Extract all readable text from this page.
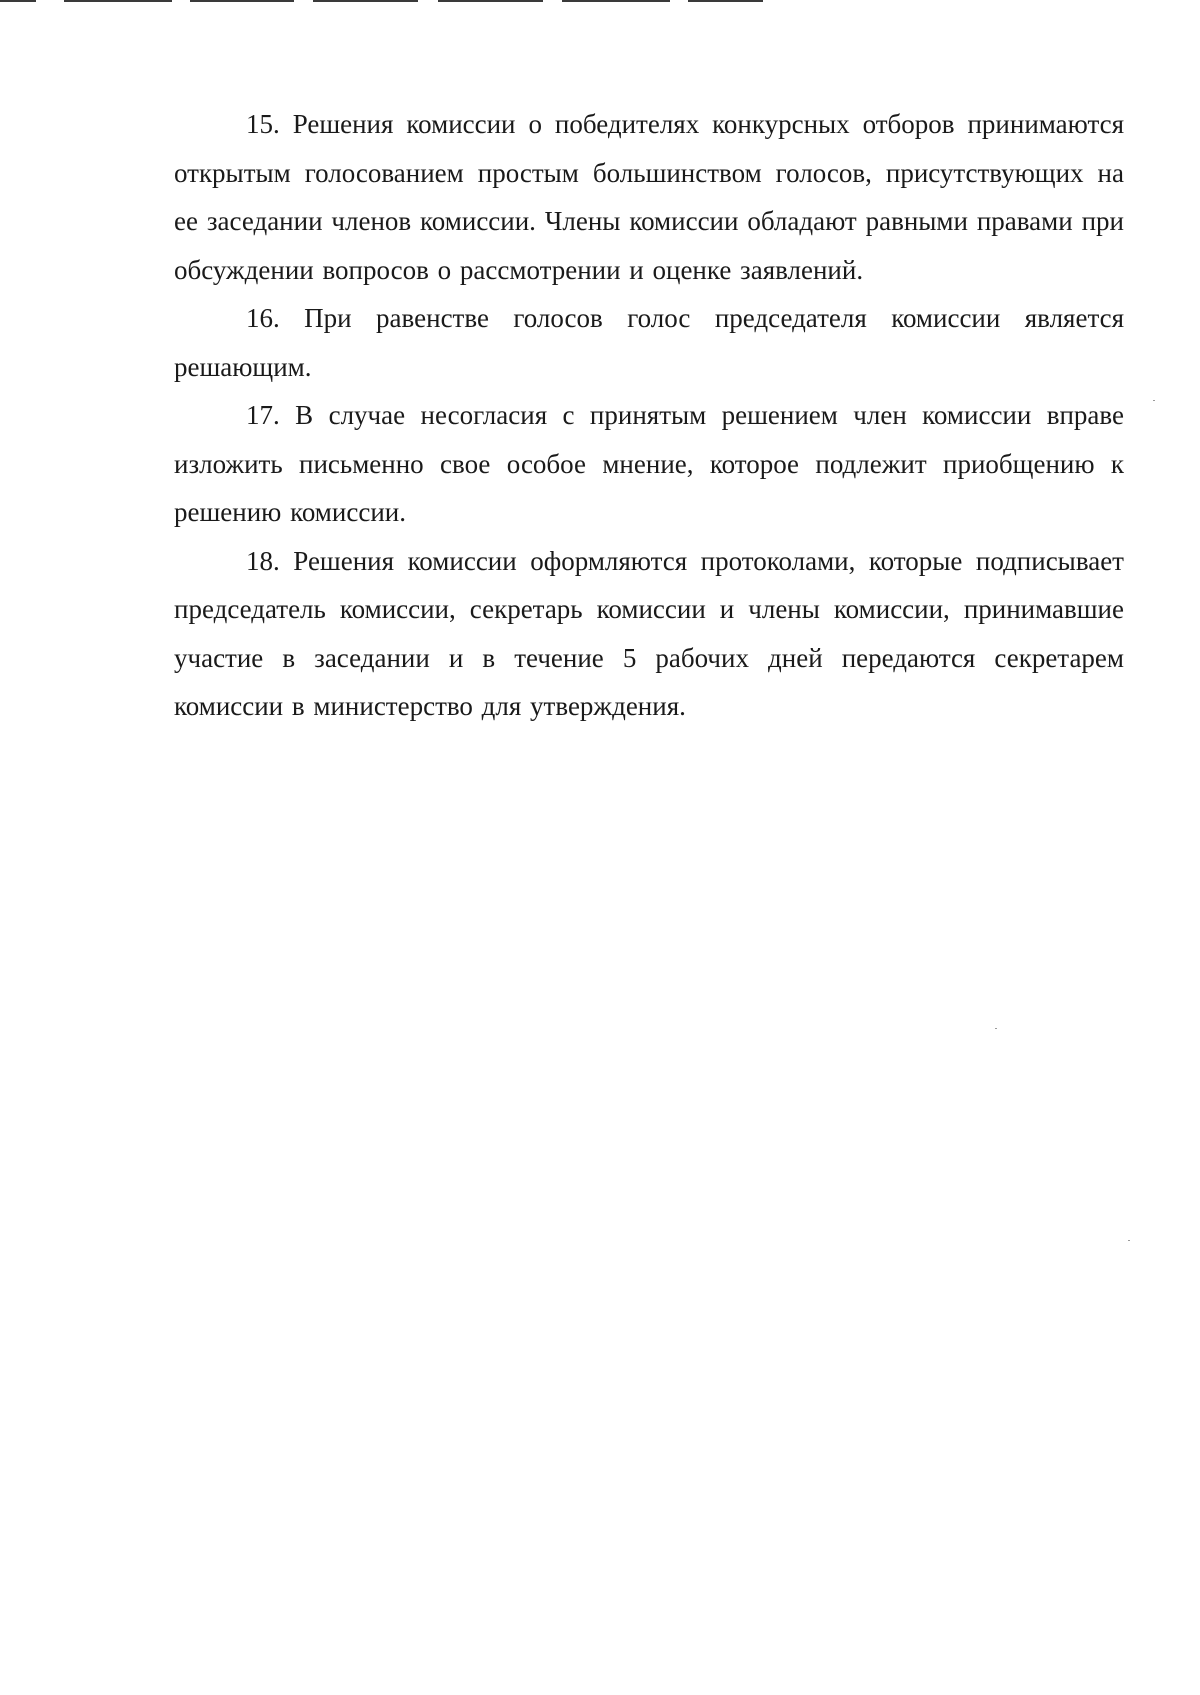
15. Решения комиссии о победителях конкурсных отборов принимаются открытым голосованием простым большинством голосов, присутствующих на ее заседании членов комиссии. Члены комиссии обладают равными правами при обсуждении вопросов о рассмотрении и оценке заявлений.

16. При равенстве голосов голос председателя комиссии является решающим.

17. В случае несогласия с принятым решением член комиссии вправе изложить письменно свое особое мнение, которое подлежит приобщению к решению комиссии.

18. Решения комиссии оформляются протоколами, которые подписывает председатель комиссии, секретарь комиссии и члены комиссии, принимавшие участие в заседании и в течение 5 рабочих дней передаются секретарем комиссии в министерство для утверждения.
